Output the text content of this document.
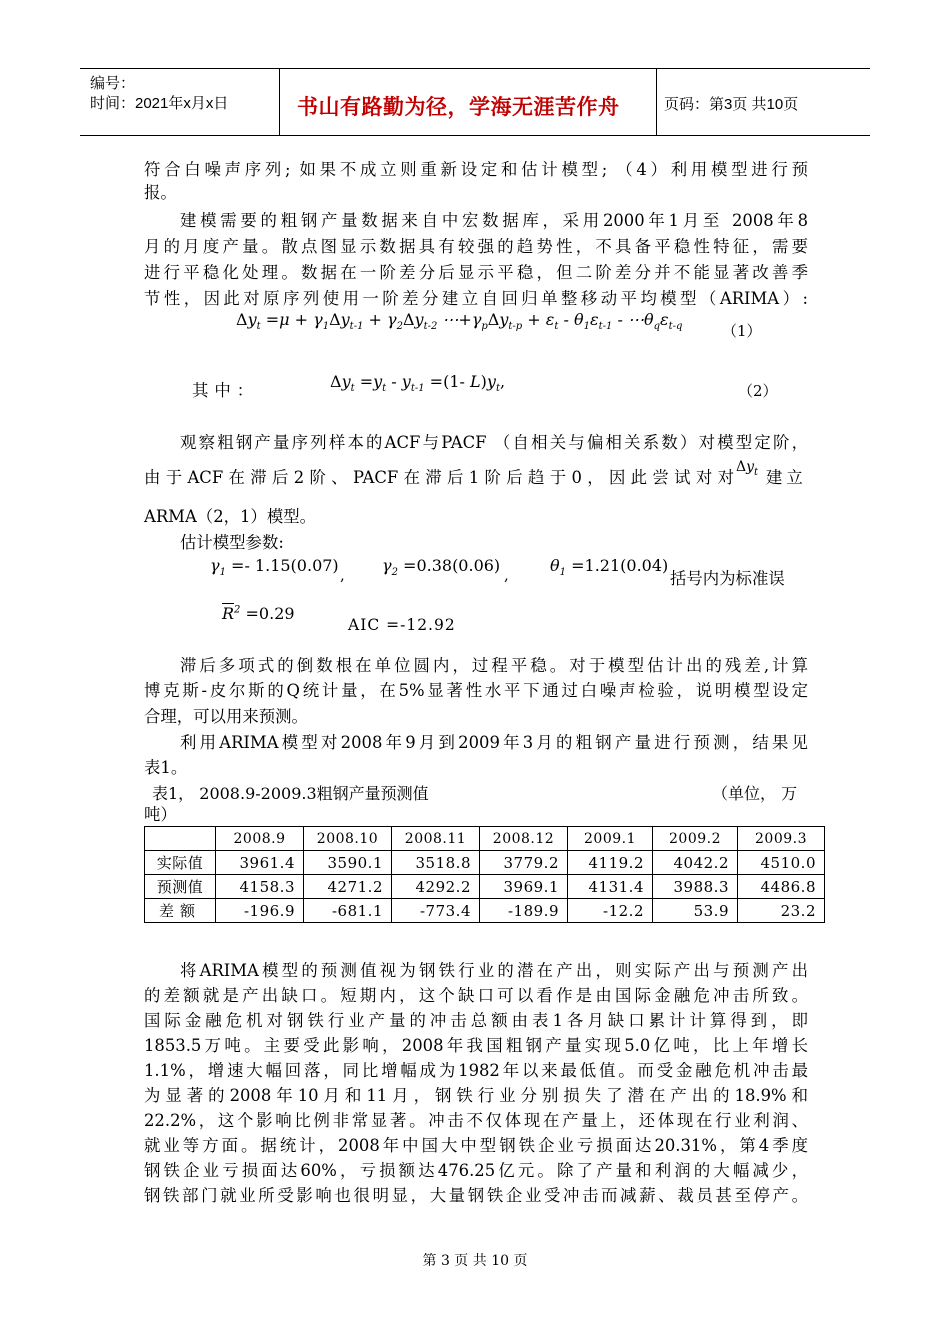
编号：
时间：2021年x月x日	书山有路勤为径，学海无涯苦作舟	页码：第3页 共10页
符合白噪声序列; 如果不成立则重新设定和估计模型; （4）利用模型进行预
报。
建模需要的粗钢产量数据来自中宏数据库，采用2000年1月至 2008年8
月的月度产量。散点图显示数据具有较强的趋势性，不具备平稳性特征，需要
进行平稳化处理。数据在一阶差分后显示平稳，但二阶差分并不能显著改善季
节性，因此对原序列使用一阶差分建立自回归单整移动平均模型（ARIMA）:
$\Delta y_t =\mu + \gamma_1\Delta y_{t-1} + \gamma_2\Delta y_{t-2}$ $\cdots+\gamma_p\Delta y_{t-p} + \varepsilon_t - \theta_1\varepsilon_{t-1}$ - $\cdots\theta_q\varepsilon_{t-q}$	（1）
其中：	$\Delta y_t =y_t - y_{t-1} =(1-$ $L)y_t$,	（2）
观察粗钢产量序列样本的ACF与PACF （自相关与偏相关系数）对模型定阶，
由于ACF在滞后2阶、PACF在滞后1阶后趋于0，因此尝试对对
$\Delta y_t$ 建立
ARMA（2，1）模型。
估计模型参数:
$\gamma_1 =- 1.15(0.07)$ , $\gamma_2 =0.38(0.06)$ ,	$\theta_1 =1.21(0.04)$
括号内为标准误
$\overline{R}^2 =0.29$
AIC =-12.92
滞后多项式的倒数根在单位圆内，过程平稳。对于模型估计出的残差,计算
博克斯-皮尔斯的Q统计量，在5%显著性水平下通过白噪声检验，说明模型设定
合理，可以用来预测。
利用ARIMA模型对2008年9月到2009年3月的粗钢产量进行预测，结果见
表1。
表1， 2008.9-2009.3粗钢产量预测值	（单位， 万
吨）
	2008.9	2008.10	2008.11	2008.12	2009.1	2009.2	2009.3
实际值	3961.4	3590.1	3518.8	3779.2	4119.2	4042.2	4510.0
预测值	4158.3	4271.2	4292.2	3969.1	4131.4	3988.3	4486.8
差额	-196.9	-681.1	-773.4	-189.9	-12.2	53.9	23.2
将ARIMA模型的预测值视为钢铁行业的潜在产出，则实际产出与预测产出
的差额就是产出缺口。短期内，这个缺口可以看作是由国际金融危冲击所致。
国际金融危机对钢铁行业产量的冲击总额由表1各月缺口累计计算得到，即
1853.5万吨。主要受此影响，2008年我国粗钢产量实现5.0亿吨，比上年增长
1.1%，增速大幅回落，同比增幅成为1982年以来最低值。而受金融危机冲击最
为显著的2008年10月和11月，钢铁行业分别损失了潜在产出的18.9%和
22.2%，这个影响比例非常显著。冲击不仅体现在产量上，还体现在行业利润、
就业等方面。据统计，2008年中国大中型钢铁企业亏损面达20.31%，第4季度
钢铁企业亏损面达60%，亏损额达476.25亿元。除了产量和利润的大幅减少，
钢铁部门就业所受影响也很明显，大量钢铁企业受冲击而减薪、裁员甚至停产。
第 3 页 共 10 页
